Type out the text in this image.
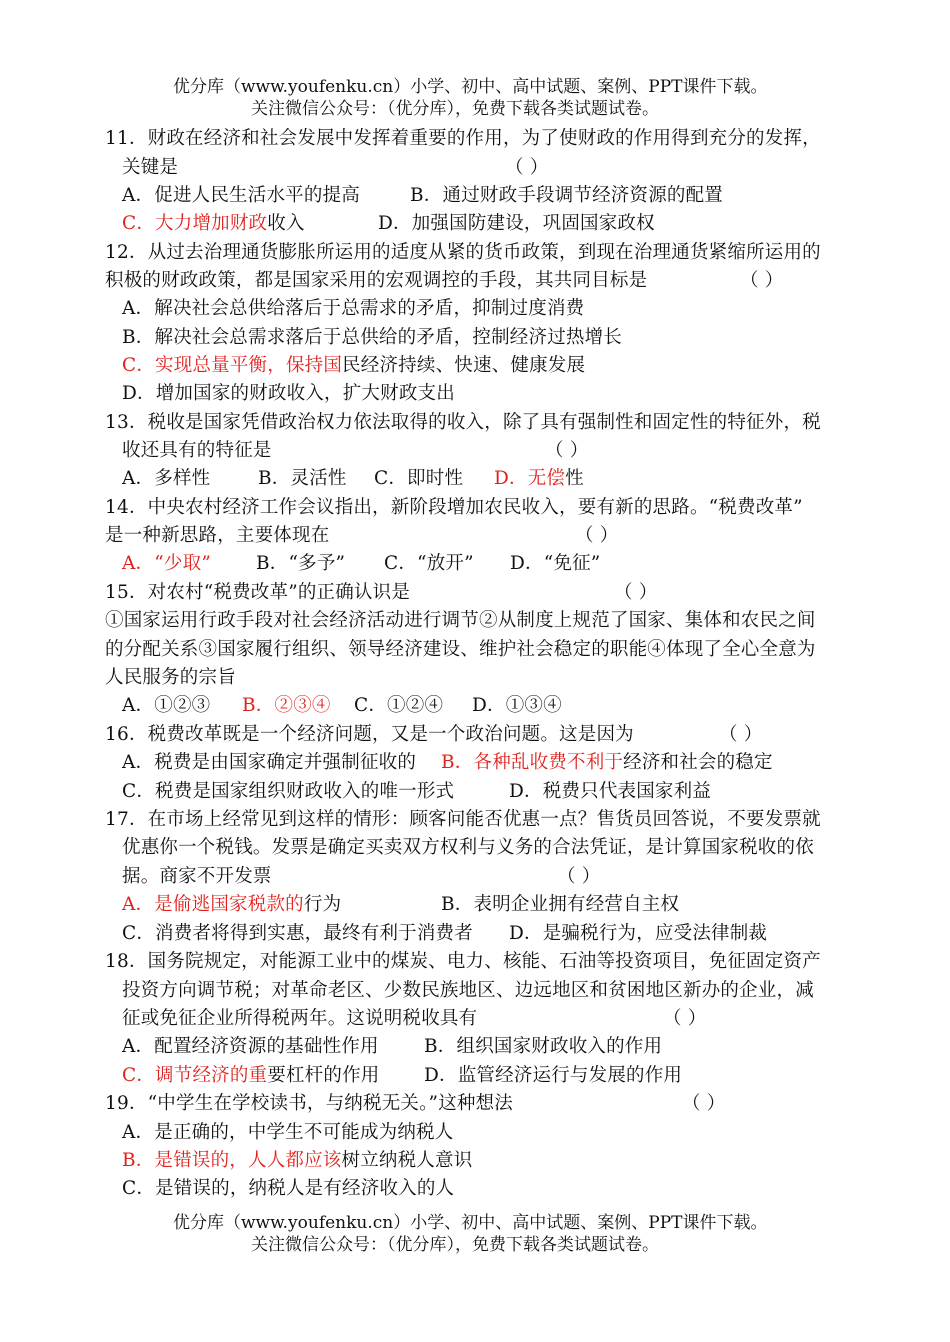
优分库（www.youfenku.cn）小学、初中、高中试题、案例、PPT课件下载。
关注微信公众号：（优分库），免费下载各类试题试卷。
11．财政在经济和社会发展中发挥着重要的作用，为了使财政的作用得到充分的发挥，
关键是	（ ）
A．促进人民生活水平的提高	B．通过财政手段调节经济资源的配置
C．大力增加财政收入	D．加强国防建设，巩固国家政权
12．从过去治理通货膨胀所运用的适度从紧的货币政策，到现在治理通货紧缩所运用的
积极的财政政策，都是国家采用的宏观调控的手段，其共同目标是	（ ）
A．解决社会总供给落后于总需求的矛盾，抑制过度消费
B．解决社会总需求落后于总供给的矛盾，控制经济过热增长
C．实现总量平衡，保持国民经济持续、快速、健康发展
D．增加国家的财政收入，扩大财政支出
13．税收是国家凭借政治权力依法取得的收入，除了具有强制性和固定性的特征外，税
收还具有的特征是	（ ）
A．多样性	B．灵活性 C．即时性 D．无偿性
14．中央农村经济工作会议指出，新阶段增加农民收入，要有新的思路。“税费改革”
是一种新思路，主要体现在	（ ）
A．“少取” B．“多予” C．“放开” D．“免征”
15．对农村“税费改革”的正确认识是	（ ）
①国家运用行政手段对社会经济活动进行调节②从制度上规范了国家、集体和农民之间
的分配关系③国家履行组织、领导经济建设、维护社会稳定的职能④体现了全心全意为
人民服务的宗旨
A．①②③ B．②③④ C．①②④ D．①③④
16．税费改革既是一个经济问题，又是一个政治问题。这是因为	（ ）
A．税费是由国家确定并强制征收的 B．各种乱收费不利于经济和社会的稳定
C．税费是国家组织财政收入的唯一形式	D．税费只代表国家利益
17．在市场上经常见到这样的情形：顾客问能否优惠一点？售货员回答说，不要发票就
优惠你一个税钱。发票是确定买卖双方权利与义务的合法凭证，是计算国家税收的依
据。商家不开发票	（ ）
A．是偷逃国家税款的行为	B．表明企业拥有经营自主权
C．消费者将得到实惠，最终有利于消费者 D．是骗税行为，应受法律制裁
18．国务院规定，对能源工业中的煤炭、电力、核能、石油等投资项目，免征固定资产
投资方向调节税；对革命老区、少数民族地区、边远地区和贫困地区新办的企业，减
征或免征企业所得税两年。这说明税收具有	（ ）
A．配置经济资源的基础性作用 B．组织国家财政收入的作用
C．调节经济的重要杠杆的作用 D．监管经济运行与发展的作用
19．“中学生在学校读书，与纳税无关。”这种想法	（ ）
A．是正确的，中学生不可能成为纳税人
B．是错误的，人人都应该树立纳税人意识
C．是错误的，纳税人是有经济收入的人
优分库（www.youfenku.cn）小学、初中、高中试题、案例、PPT课件下载。
关注微信公众号：（优分库），免费下载各类试题试卷。
